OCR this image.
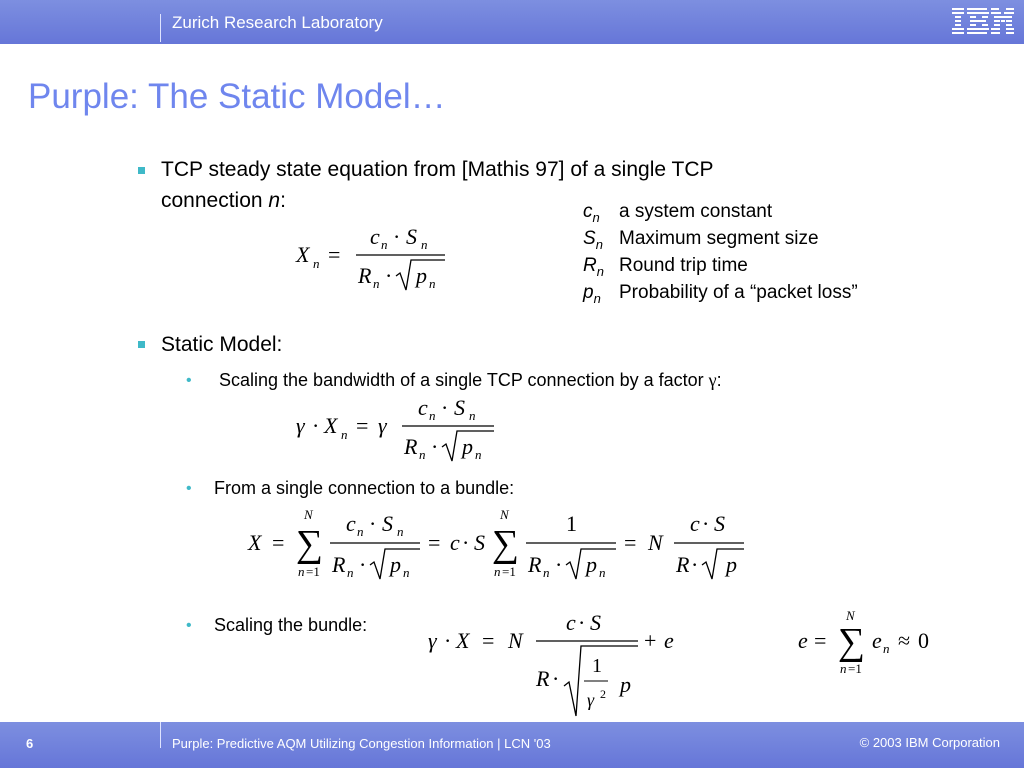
Zurich Research Laboratory
Purple: The Static Model…
TCP steady state equation from [Mathis 97] of a single TCP
connection n:
X n =
c n · S n
R n · p n
$c_n$ a system constant
$S_n$ Maximum segment size
$R_n$ Round trip time
$p_n$ Probability of a “packet loss”
Static Model:
• Scaling the bandwidth of a single TCP connection by a factor γ:
γ · X n = γ
c n · S n
R n · p n
• From a single connection to a bundle:
X =
N
∑
n =1
c n · S n
R n · p n
= c · S
N
∑
n =1
1
R n · p n
= N
c · S
R · p
• Scaling the bundle:
γ · X = N
c · S
+ e
R · 1
γ 2 p
e =
N
∑
n =1
e n ≈ 0
6	Purple: Predictive AQM Utilizing Congestion Information | LCN '03	© 2003 IBM Corporation
